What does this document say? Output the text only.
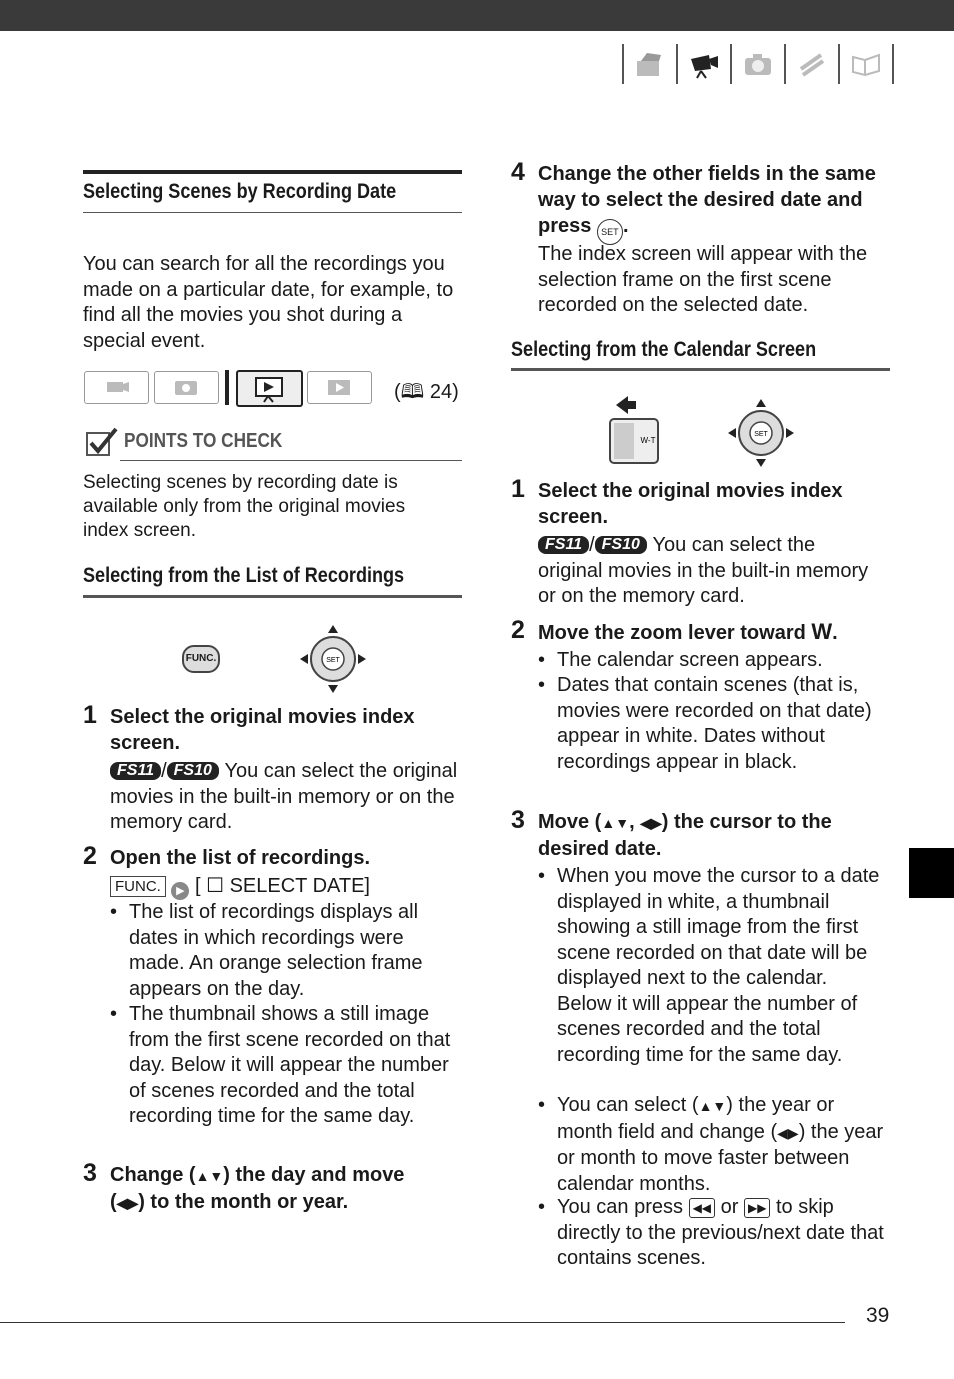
Selecting Scenes by Recording Date
You can search for all the recordings you made on a particular date, for example, to find all the movies you shot during a special event.
(🕮 24)
POINTS TO CHECK
Selecting scenes by recording date is available only from the original movies index screen.
Selecting from the List of Recordings
FUNC.	SET
1 Select the original movies index screen.
FS11 / FS10 You can select the original movies in the built-in memory or on the memory card.
2 Open the list of recordings.
FUNC. ▶ [ ☐ SELECT DATE]
• The list of recordings displays all dates in which recordings were made. An orange selection frame appears on the day.
• The thumbnail shows a still image from the first scene recorded on that day. Below it will appear the number of scenes recorded and the total recording time for the same day.
3 Change (▲▼) the day and move
(◀▶) to the month or year.
4 Change the other fields in the same way to select the desired date and press SET .
The index screen will appear with the selection frame on the first scene recorded on the selected date.
Selecting from the Calendar Screen
W-T
SET
1 Select the original movies index screen.
FS11 / FS10 You can select the original movies in the built-in memory or on the memory card.
2 Move the zoom lever toward W.
• The calendar screen appears.
• Dates that contain scenes (that is, movies were recorded on that date) appear in white. Dates without recordings appear in black.
3 Move (▲▼, ◀▶) the cursor to the desired date.
• When you move the cursor to a date displayed in white, a thumbnail showing a still image from the first scene recorded on that date will be displayed next to the calendar. Below it will appear the number of scenes recorded and the total recording time for the same day.
• You can select (▲▼) the year or month field and change (◀▶) the year or month to move faster between calendar months.
• You can press ◀◀ or ▶▶ to skip directly to the previous/next date that contains scenes.
39
